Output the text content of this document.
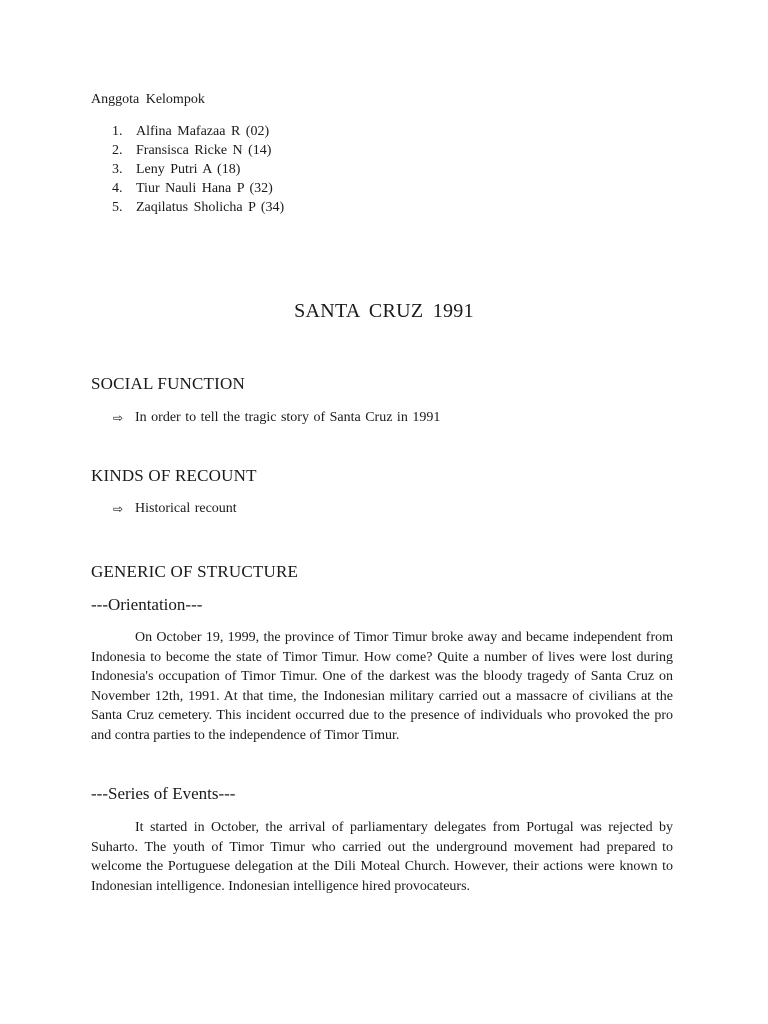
Anggota Kelompok
1. Alfina Mafazaa R (02)
2. Fransisca Ricke N (14)
3. Leny Putri A (18)
4. Tiur Nauli Hana P (32)
5. Zaqilatus Sholicha P (34)
SANTA CRUZ 1991
SOCIAL FUNCTION
⇨ In order to tell the tragic story of Santa Cruz in 1991
KINDS OF RECOUNT
⇨ Historical recount
GENERIC OF STRUCTURE
---Orientation---

On October 19, 1999, the province of Timor Timur broke away and became independent from Indonesia to become the state of Timor Timur. How come? Quite a number of lives were lost during Indonesia's occupation of Timor Timur. One of the darkest was the bloody tragedy of Santa Cruz on November 12th, 1991. At that time, the Indonesian military carried out a massacre of civilians at the Santa Cruz cemetery. This incident occurred due to the presence of individuals who provoked the pro and contra parties to the independence of Timor Timur.

---Series of Events---

It started in October, the arrival of parliamentary delegates from Portugal was rejected by Suharto. The youth of Timor Timur who carried out the underground movement had prepared to welcome the Portuguese delegation at the Dili Moteal Church. However, their actions were known to Indonesian intelligence. Indonesian intelligence hired provocateurs.
